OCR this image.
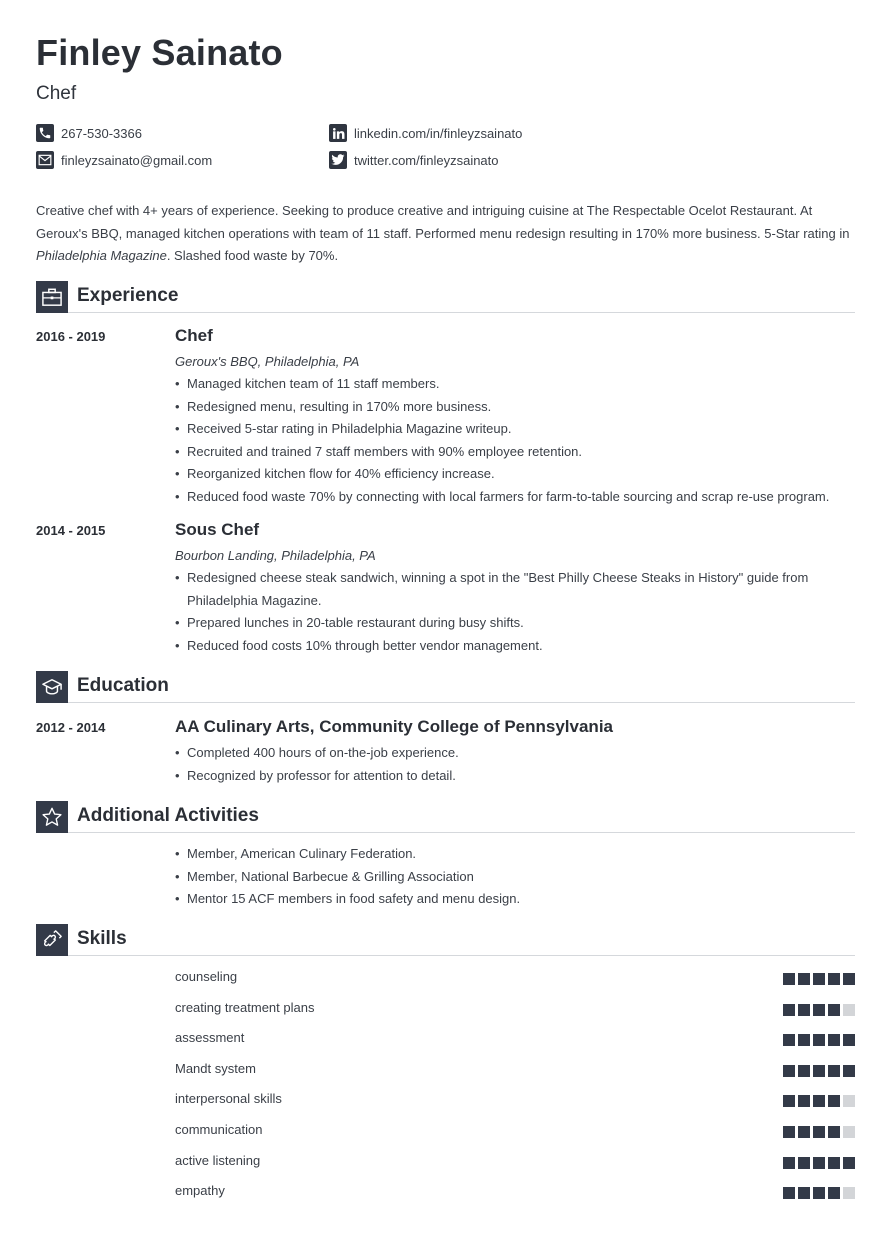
Finley Sainato
Chef
267-530-3366
finleyzsainato@gmail.com
linkedin.com/in/finleyzsainato
twitter.com/finleyzsainato
Creative chef with 4+ years of experience. Seeking to produce creative and intriguing cuisine at The Respectable Ocelot Restaurant. At Geroux's BBQ, managed kitchen operations with team of 11 staff. Performed menu redesign resulting in 170% more business. 5-Star rating in Philadelphia Magazine. Slashed food waste by 70%.
Experience
2016 - 2019	Chef
Geroux's BBQ, Philadelphia, PA
• Managed kitchen team of 11 staff members.
• Redesigned menu, resulting in 170% more business.
• Received 5-star rating in Philadelphia Magazine writeup.
• Recruited and trained 7 staff members with 90% employee retention.
• Reorganized kitchen flow for 40% efficiency increase.
• Reduced food waste 70% by connecting with local farmers for farm-to-table sourcing and scrap re-use program.
2014 - 2015	Sous Chef
Bourbon Landing, Philadelphia, PA
• Redesigned cheese steak sandwich, winning a spot in the "Best Philly Cheese Steaks in History" guide from Philadelphia Magazine.
• Prepared lunches in 20-table restaurant during busy shifts.
• Reduced food costs 10% through better vendor management.
Education
2012 - 2014	AA Culinary Arts, Community College of Pennsylvania
• Completed 400 hours of on-the-job experience.
• Recognized by professor for attention to detail.
Additional Activities
• Member, American Culinary Federation.
• Member, National Barbecue & Grilling Association
• Mentor 15 ACF members in food safety and menu design.
Skills
counseling
creating treatment plans
assessment
Mandt system
interpersonal skills
communication
active listening
empathy
